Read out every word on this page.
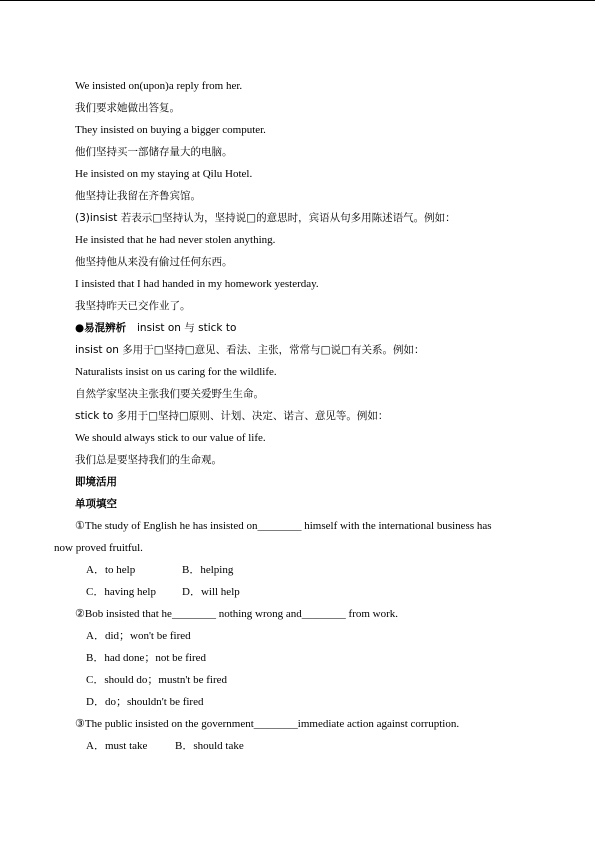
We insisted on(upon)a reply from her.
我们要求她做出答复。
They insisted on buying a bigger computer.
他们坚持买一部储存量大的电脑。
He insisted on my staying at Qilu Hotel.
他坚持让我留在齐鲁宾馆。
(3)insist 若表示□坚持认为，坚持说□的意思时，宾语从句多用陈述语气。例如：
He insisted that he had never stolen anything.
他坚持他从来没有偷过任何东西。
I insisted that I had handed in my homework yesterday.
我坚持昨天已交作业了。
●易混辨析 insist on 与 stick to
insist on 多用于□坚持□意见、看法、主张，常常与□说□有关系。例如：
Naturalists insist on us caring for the wildlife.
自然学家坚决主张我们要关爱野生生命。
stick to 多用于□坚持□原则、计划、决定、诺言、意见等。例如：
We should always stick to our value of life.
我们总是要坚持我们的生命观。
即境活用
单项填空
①The study of English he has insisted on________ himself with the international business has
now proved fruitful.
A．to help	B．helping
C．having help D．will help
②Bob insisted that he________ nothing wrong and________ from work.
A．did；won't be fired
B．had done；not be fired
C．should do；mustn't be fired
D．do；shouldn't be fired
③The public insisted on the government________immediate action against corruption.
A．must take	B．should take
